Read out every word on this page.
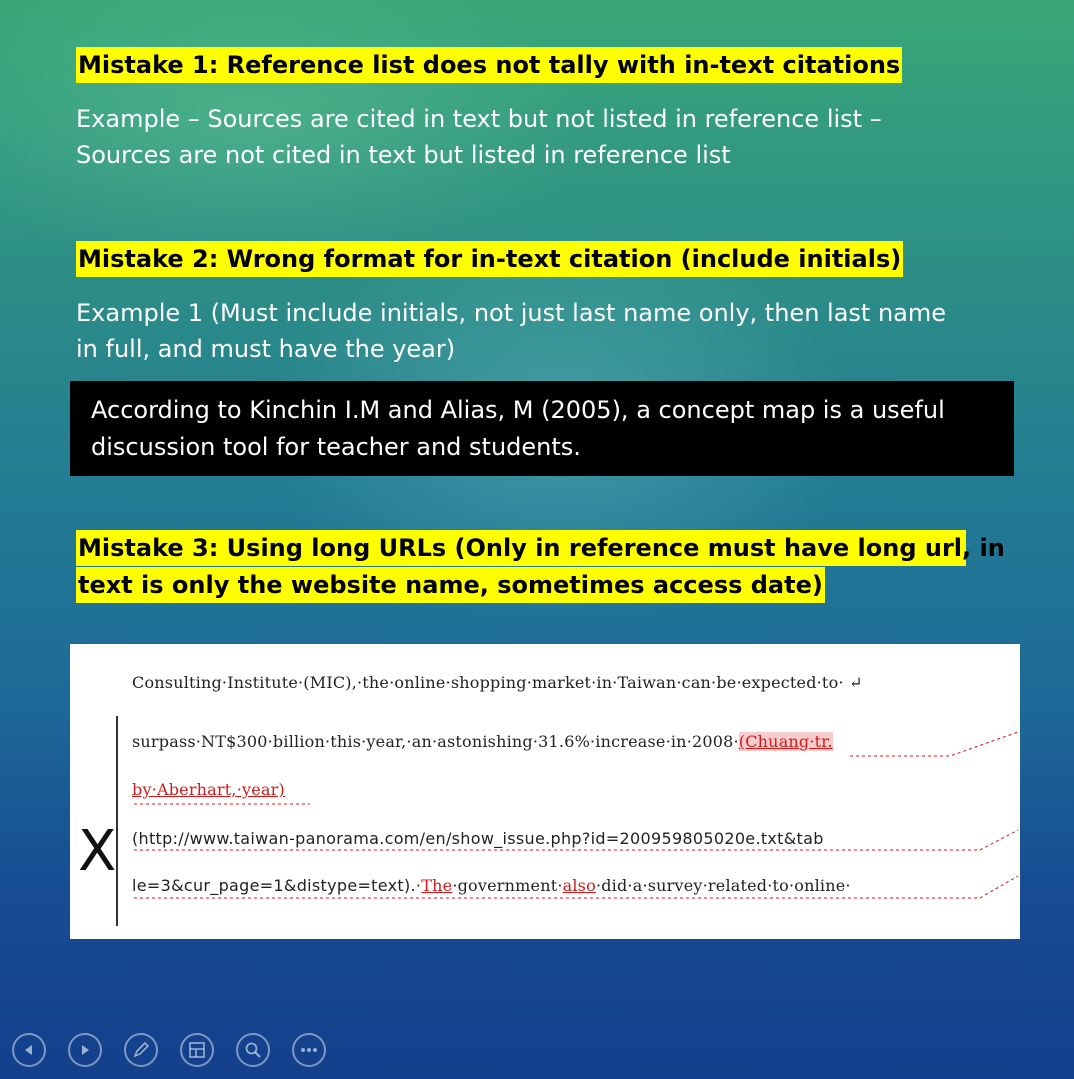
Mistake 1: Reference list does not tally with in-text citations
Example – Sources are cited in text but not listed in reference list –
Sources are not cited in text but listed in reference list
Mistake 2: Wrong format for in-text citation (include initials)
Example 1 (Must include initials, not just last name only, then last name
in full, and must have the year)
According to Kinchin I.M and Alias, M (2005), a concept map is a useful
discussion tool for teacher and students.
Mistake 3: Using long URLs (Only in reference must have long url, in
text is only the website name, sometimes access date)
X
Consulting·Institute·(MIC),·the·online·shopping·market·in·Taiwan·can·be·expected·to· ↵
surpass·NT$300·billion·this·year,·an·astonishing·31.6%·increase·in·2008·(Chuang·tr.
by·Aberhart,·year)
(http://www.taiwan-panorama.com/en/show_issue.php?id=200959805020e.txt&tab
le=3&cur_page=1&distype=text).·The·government·also·did·a·survey·related·to·online·
